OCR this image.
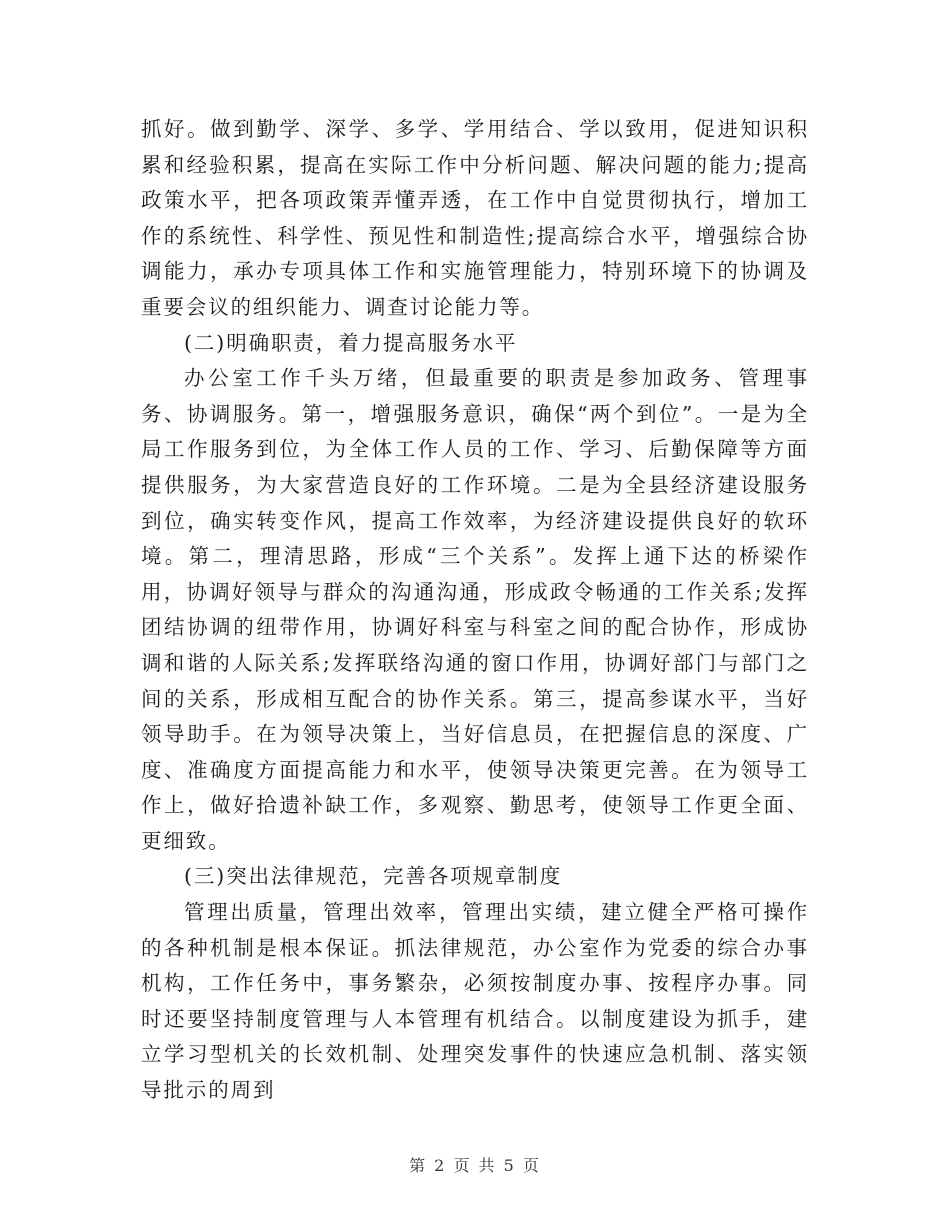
抓好。做到勤学、深学、多学、学用结合、学以致用，促进知识积累和经验积累，提高在实际工作中分析问题、解决问题的能力;提高政策水平，把各项政策弄懂弄透，在工作中自觉贯彻执行，增加工作的系统性、科学性、预见性和制造性;提高综合水平，增强综合协调能力，承办专项具体工作和实施管理能力，特别环境下的协调及重要会议的组织能力、调查讨论能力等。

(二)明确职责，着力提高服务水平

办公室工作千头万绪，但最重要的职责是参加政务、管理事务、协调服务。第一，增强服务意识，确保“两个到位”。一是为全局工作服务到位，为全体工作人员的工作、学习、后勤保障等方面提供服务，为大家营造良好的工作环境。二是为全县经济建设服务到位，确实转变作风，提高工作效率，为经济建设提供良好的软环境。第二，理清思路，形成“三个关系”。发挥上通下达的桥梁作用，协调好领导与群众的沟通沟通，形成政令畅通的工作关系;发挥团结协调的纽带作用，协调好科室与科室之间的配合协作，形成协调和谐的人际关系;发挥联络沟通的窗口作用，协调好部门与部门之间的关系，形成相互配合的协作关系。第三，提高参谋水平，当好领导助手。在为领导决策上，当好信息员，在把握信息的深度、广度、准确度方面提高能力和水平，使领导决策更完善。在为领导工作上，做好拾遗补缺工作，多观察、勤思考，使领导工作更全面、更细致。

(三)突出法律规范，完善各项规章制度

管理出质量，管理出效率，管理出实绩，建立健全严格可操作的各种机制是根本保证。抓法律规范，办公室作为党委的综合办事机构，工作任务中，事务繁杂，必须按制度办事、按程序办事。同时还要坚持制度管理与人本管理有机结合。以制度建设为抓手，建立学习型机关的长效机制、处理突发事件的快速应急机制、落实领导批示的周到

第 2 页 共 5 页
